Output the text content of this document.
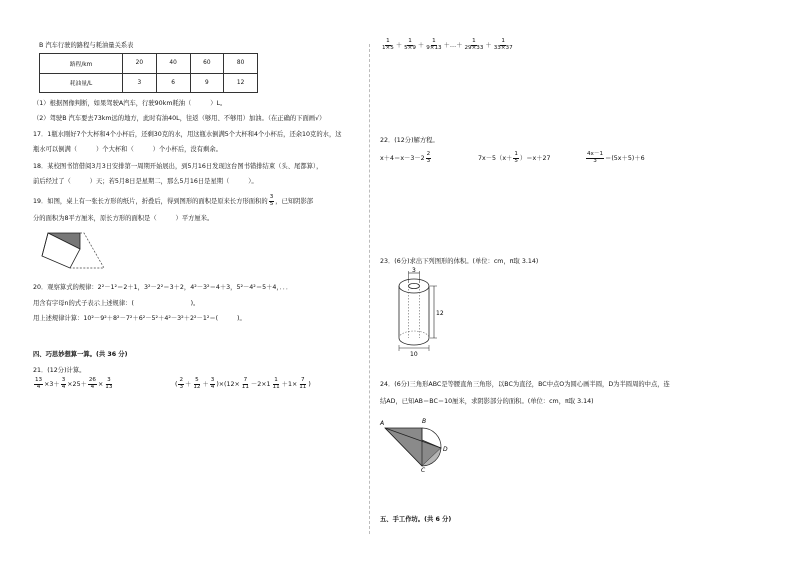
B 汽车行驶的路程与耗油量关系表
路程/km	20	40	60	80
耗油量/L	3	6	9	12
（1）根据图像判断，如果驾驶A汽车，行驶90km耗油（　　　）L。
（2）驾驶B 汽车要去73km远的地方，此时有油40L，往返（够用、不够用）加油。（在正确的下面画√）
17．1瓶水刚好7个大杯和4个小杯后，还剩30克的水，用这瓶水倒满5个大杯和4个小杯后，还余10克的水，这
瓶水可以倒满（　　　）个大杯和（　　　）个小杯后，没有剩余。
18．某校图书馆借阅3月3日安排第一周期开始展出，到5月16日发现这台图书错排结束（头、尾都算），
前后经过了（　　　）天；若5月8日是星期二，那么5月16日是星期（　　　）。
19．如图，桌上有一张长方形的纸片，折叠后，得到图形的面积是原来长方形面积的 $\frac{3}{5}$ ，已知阴影部
分的面积为8平方厘米，原长方形的面积是（　　　）平方厘米。
20．观察算式的规律：2²－1²＝2＋1，3²－2²＝3＋2，4²－3²＝4＋3，5²－4²＝5＋4，．．．
用含有字母n的式子表示上述规律：(　　　　　　　　　)。
用上述规律计算：10²－9²＋8²－7²＋6²－5²＋4²－3²＋2²－1²＝(　　　)。
四、巧思妙想算一算。(共 36 分)
21．(12分)计算。
$\frac{13}{4} \times 3+ \frac{3}{4} \times 25+ \frac{26}{4} \times \frac{3}{13}$	( $\frac{2}{3} + \frac{5}{12} + \frac{3}{4} )\times(12\times \frac{7}{11} -2\times 1 \frac{1}{11} +1\times \frac{7}{11}$ )
$\frac{1}{1\times 5} + \frac{1}{5\times 9} + \frac{1}{9\times 13}$ ＋…＋ $\frac{1}{29\times 33} + \frac{1}{33\times 37}$
22．(12分)解方程。
$x+4=x-3-2 \frac{2}{3}$	$7x-5(x+ \frac{1}{5} )=x+27$	$\frac{4x-1}{3} =(5x+5)+6$
23．(6分)求出下列图形的体积。(单位：cm，π取 3.14)
3
12
10
24．(6分)三角形ABC是等腰直角三角形，以BC为直径，BC中点O为圆心画半圆，D为半圆周的中点，连
结AD，已知AB＝BC＝10厘米，求阴影部分的面积。(单位：cm，π取 3.14)
A	B
C
D
五、手工作坊。(共 6 分)
